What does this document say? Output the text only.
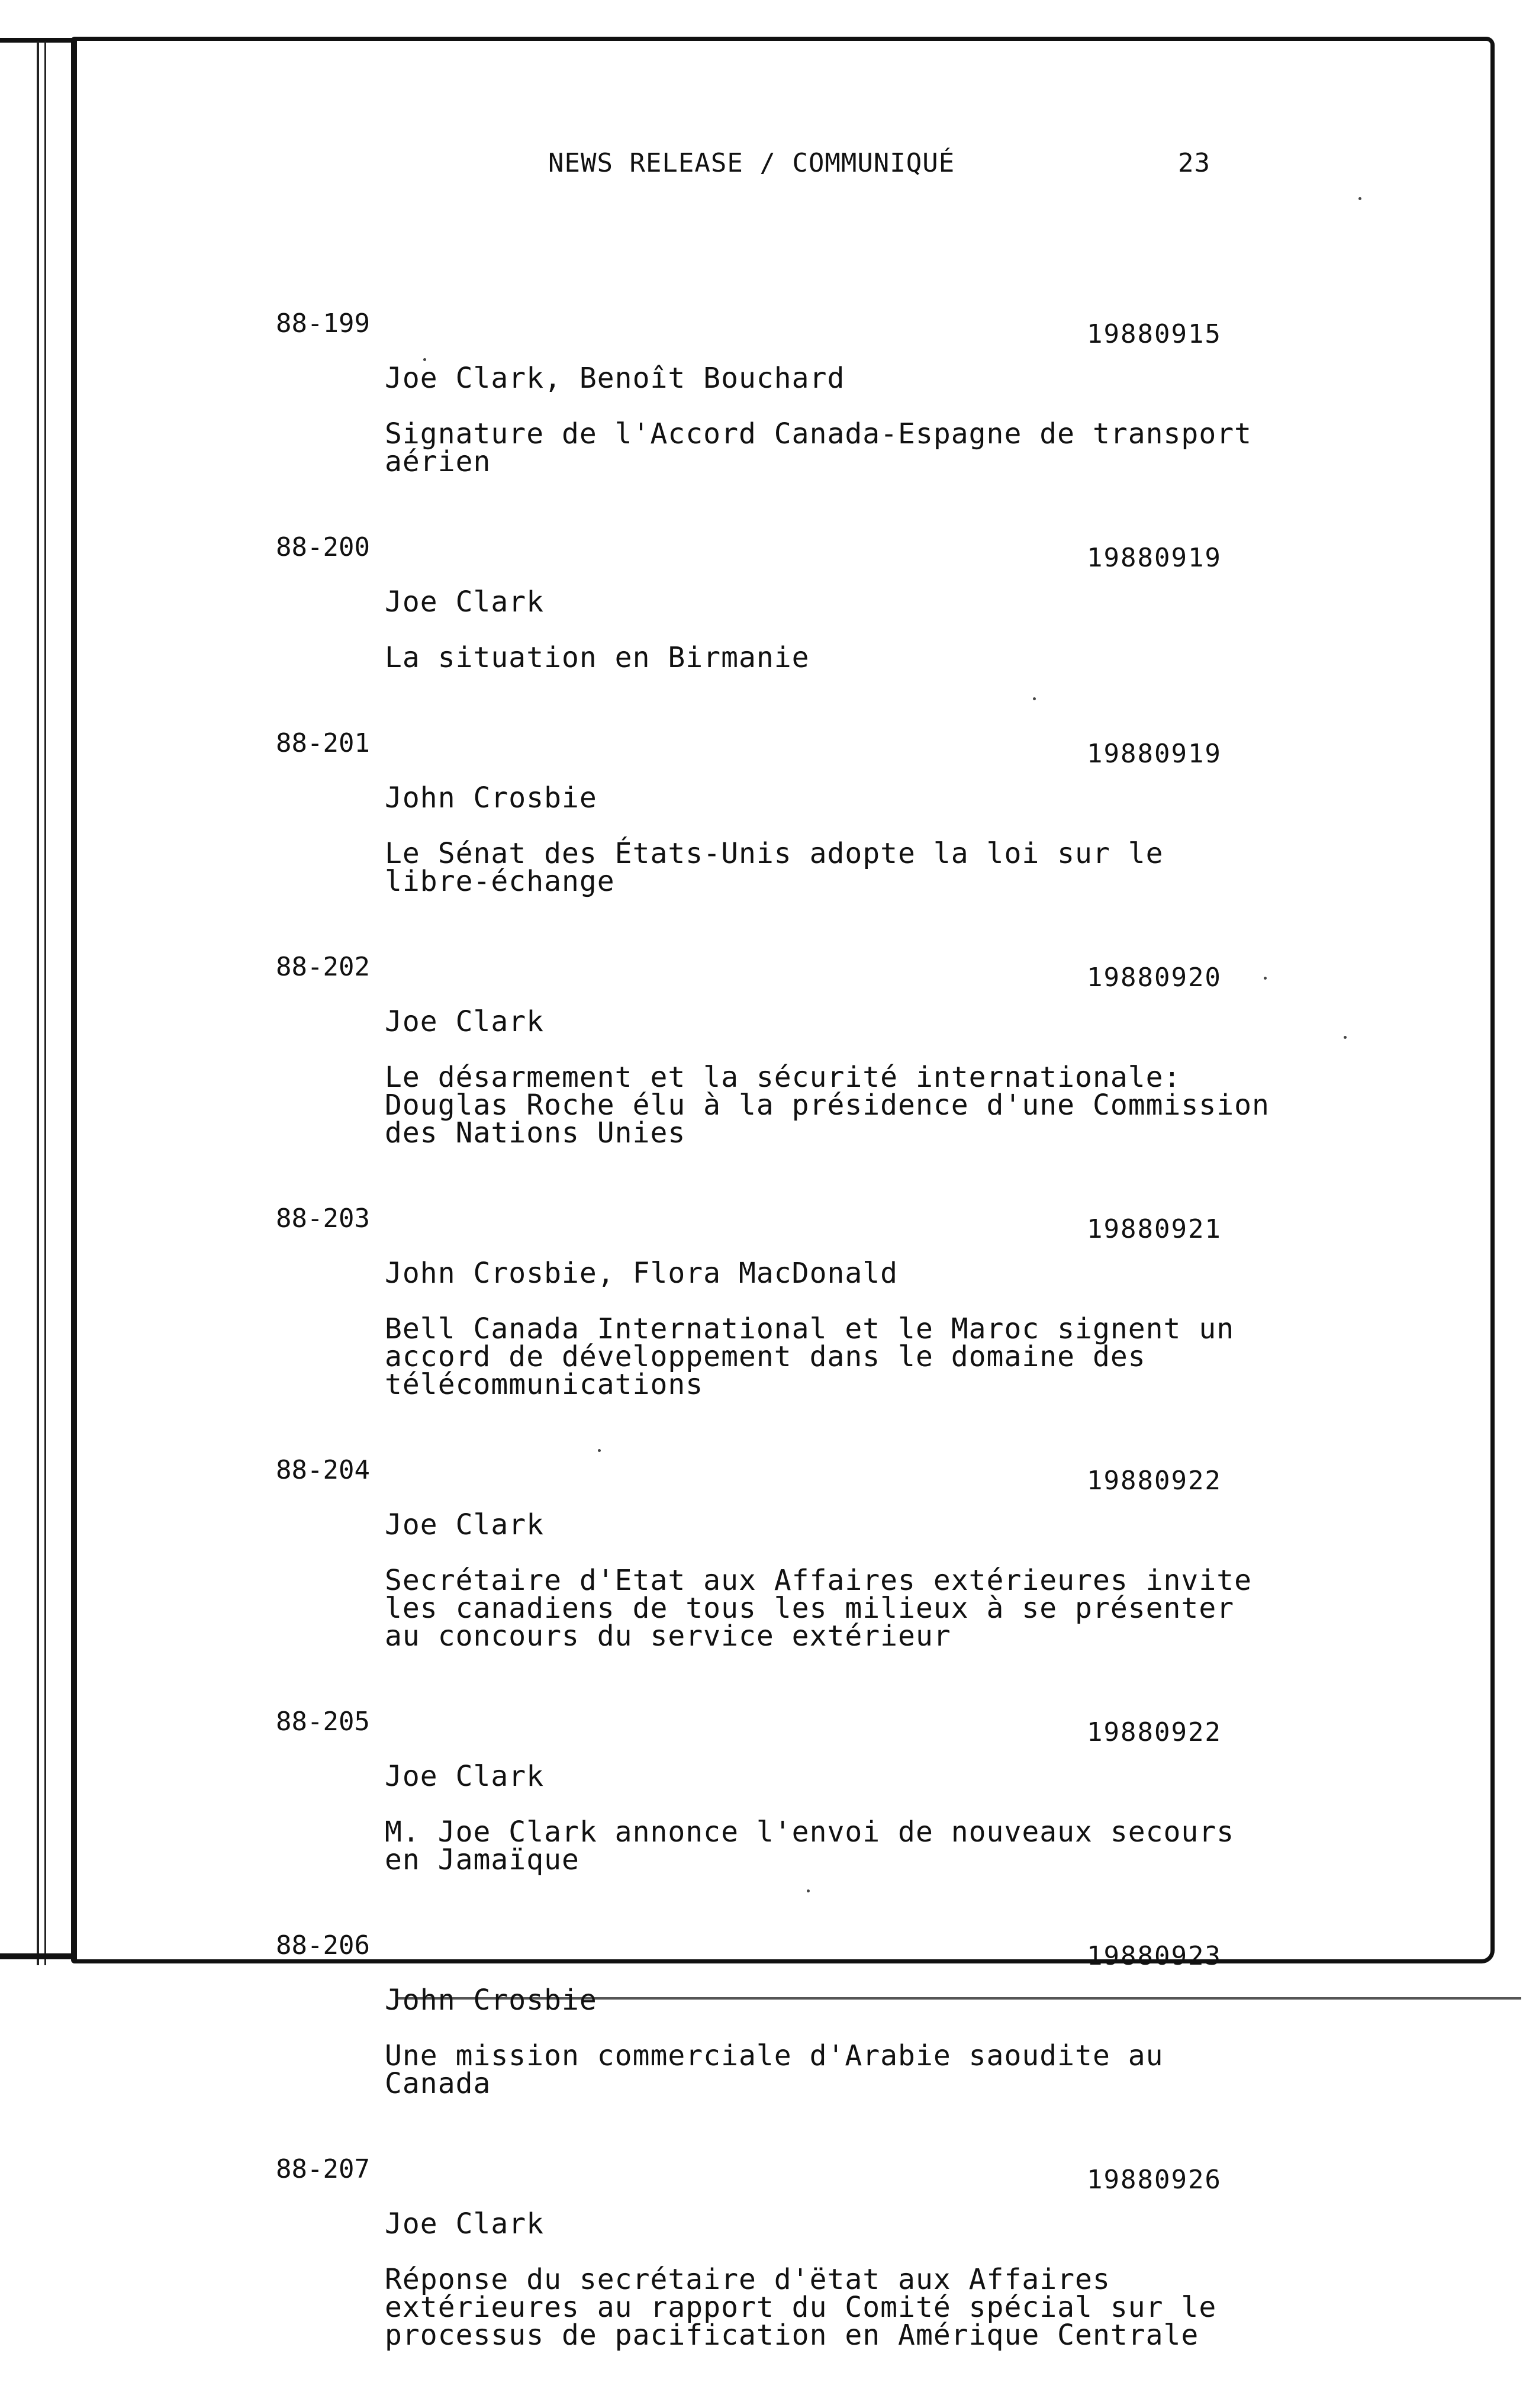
NEWS RELEASE / COMMUNIQUÉ	23
88-199	19880915

Joe Clark, Benoît Bouchard

Signature de l'Accord Canada-Espagne de transport
aérien

88-200	19880919

Joe Clark

La situation en Birmanie

88-201	19880919

John Crosbie

Le Sénat des États-Unis adopte la loi sur le
libre-échange

88-202	19880920

Joe Clark

Le désarmement et la sécurité internationale:
Douglas Roche élu à la présidence d'une Commission
des Nations Unies

88-203	19880921

John Crosbie, Flora MacDonald

Bell Canada International et le Maroc signent un
accord de développement dans le domaine des
télécommunications

88-204	19880922

Joe Clark

Secrétaire d'Etat aux Affaires extérieures invite
les canadiens de tous les milieux à se présenter
au concours du service extérieur

88-205	19880922

Joe Clark

M. Joe Clark annonce l'envoi de nouveaux secours
en Jamaïque

88-206	19880923

John Crosbie

Une mission commerciale d'Arabie saoudite au
Canada

88-207	19880926

Joe Clark

Réponse du secrétaire d'ëtat aux Affaires
extérieures au rapport du Comité spécial sur le
processus de pacification en Amérique Centrale
